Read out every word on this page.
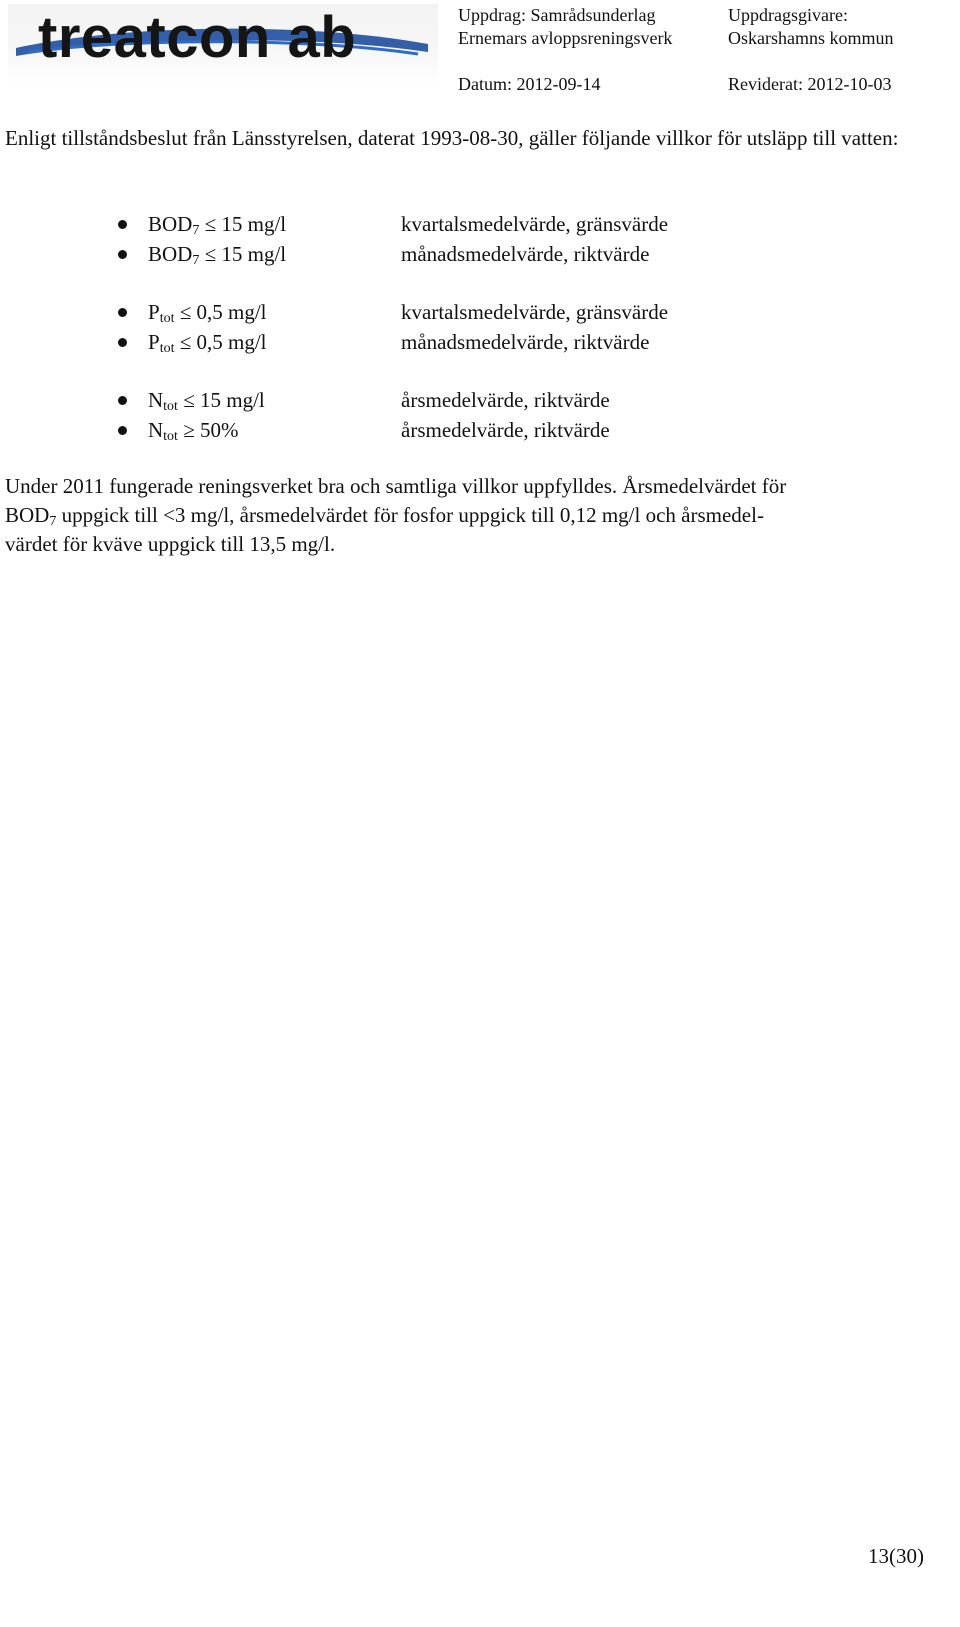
treatcon ab	Uppdrag: Samrådsunderlag
Ernemars avloppsreningsverk
Uppdragsgivare:
Oskarshamns kommun
Datum: 2012-09-14	Reviderat: 2012-10-03
Enligt tillståndsbeslut från Länsstyrelsen, daterat 1993-08-30, gäller följande villkor för utsläpp till vatten:
$BOD_7 \le 15$ mg/l	kvartalsmedelvärde, gränsvärde
$BOD_7 \le 15$ mg/l	månadsmedelvärde, riktvärde
$P_{tot} \le 0,5$ mg/l	kvartalsmedelvärde, gränsvärde
$P_{tot} \le 0,5$ mg/l	månadsmedelvärde, riktvärde
$N_{tot} \le 15$ mg/l	årsmedelvärde, riktvärde
$N_{tot} \ge 50\%$	årsmedelvärde, riktvärde
Under 2011 fungerade reningsverket bra och samtliga villkor uppfylldes. Årsmedelvärdet för
$BOD_7$ uppgick till <3 mg/l, årsmedelvärdet för fosfor uppgick till 0,12 mg/l och årsmedel-
värdet för kväve uppgick till 13,5 mg/l.
13(30)
